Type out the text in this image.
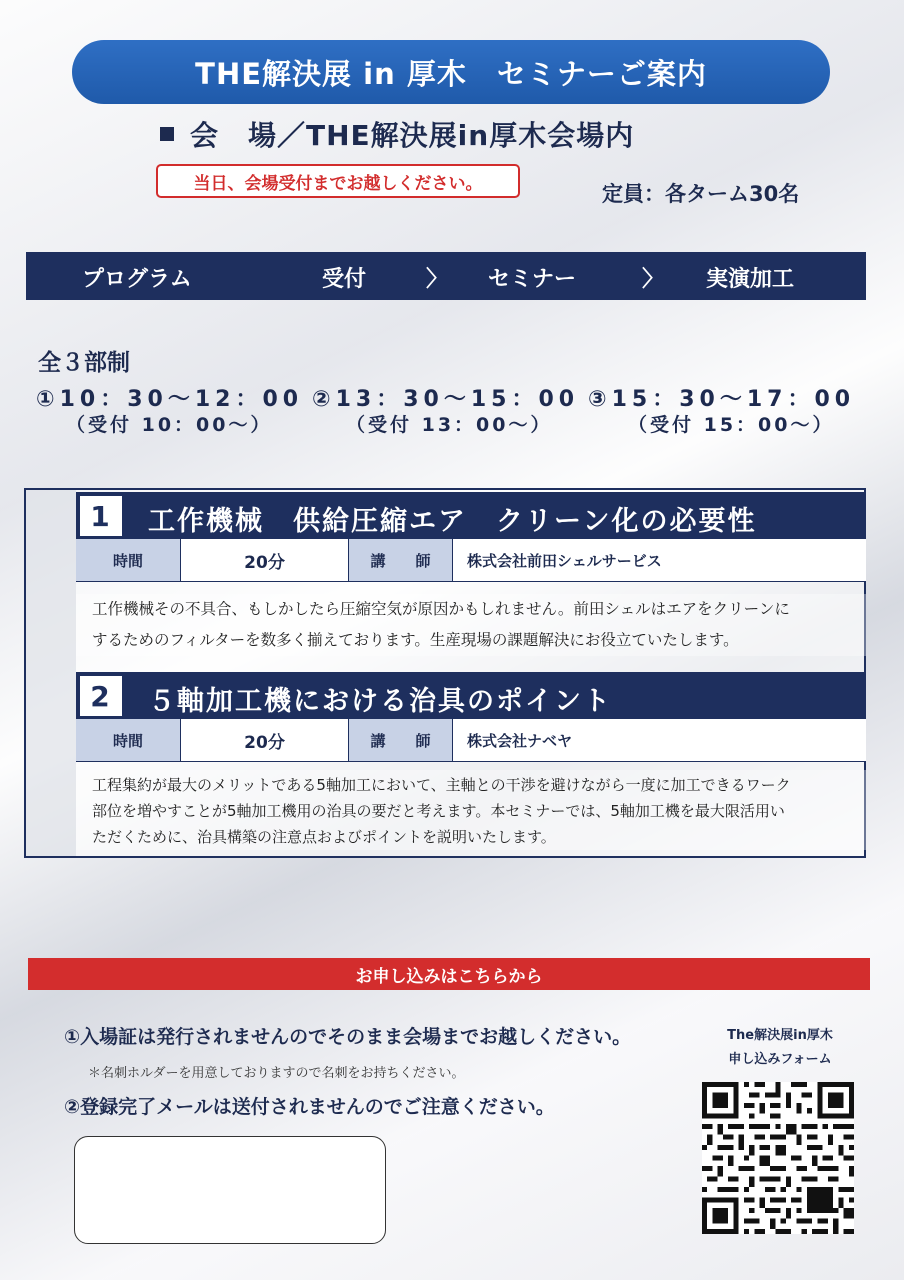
THE解決展 in 厚木　セミナーご案内
会　場／THE解決展in厚木会場内
当日、会場受付までお越しください。	定員：各ターム30名
プログラム	受付	〉 セミナー	〉 実演加工
全３部制
①10：30～12：00 ②13：30～15：00 ③15：30～17：00
（受付 10：00～）	（受付 13：00～）	（受付 15：00～）
1	工作機械　供給圧縮エア　クリーン化の必要性
時間	20分	講　　師	株式会社前田シェルサービス
工作機械その不具合、もしかしたら圧縮空気が原因かもしれません。前田シェルはエアをクリーンに
するためのフィルターを数多く揃えております。生産現場の課題解決にお役立ていたします。
2	５軸加工機における治具のポイント
時間	20分	講　　師	株式会社ナベヤ
工程集約が最大のメリットである5軸加工において、主軸との干渉を避けながら一度に加工できるワーク
部位を増やすことが5軸加工機用の治具の要だと考えます。本セミナーでは、5軸加工機を最大限活用い
ただくために、治具構築の注意点およびポイントを説明いたします。
お申し込みはこちらから
①入場証は発行されませんのでそのまま会場までお越しください。
＊名刺ホルダーを用意しておりますので名刺をお持ちください。
②登録完了メールは送付されませんのでご注意ください。
The解決展in厚木
申し込みフォーム
